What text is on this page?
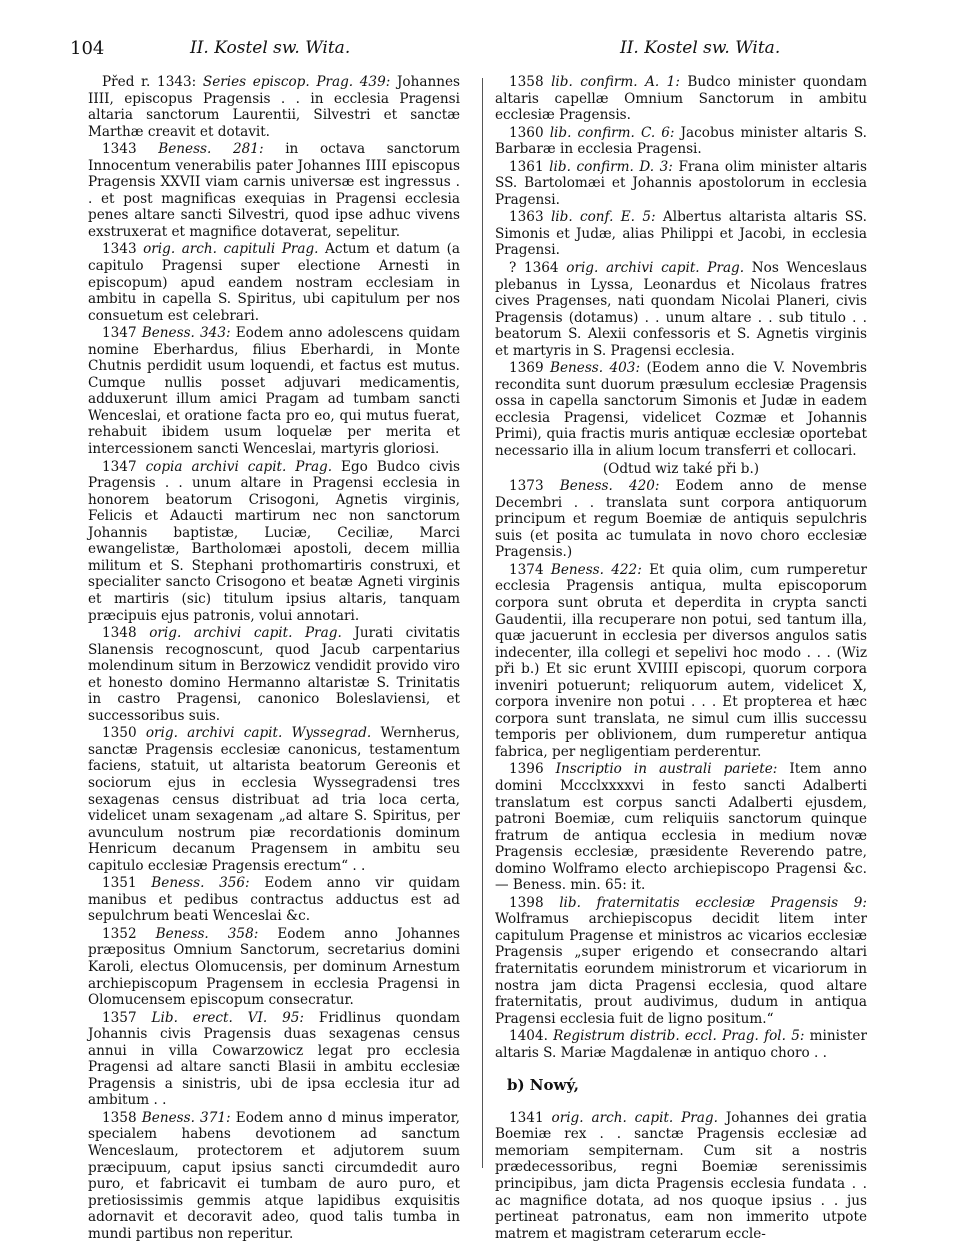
104	II. Kostel sw. Wita.	II. Kostel sw. Wita.

Před r. 1343: Series episcop. Prag. 439: Johannes IIII, episcopus Pragensis . . in ecclesia Pragensi altaria sanctorum Laurentii, Silvestri et sanctæ Marthæ creavit et dotavit.

1343 Beness. 281: in octava sanctorum Innocentum venerabilis pater Johannes IIII episcopus Pragensis XXVII viam carnis universæ est ingressus . . et post magnificas exequias in Pragensi ecclesia penes altare sancti Silvestri, quod ipse adhuc vivens exstruxerat et magnifice dotaverat, sepelitur.

1343 orig. arch. capituli Prag. Actum et datum (a capitulo Pragensi super electione Arnesti in episcopum) apud eandem nostram ecclesiam in ambitu in capella S. Spiritus, ubi capitulum per nos consuetum est celebrari.

1347 Beness. 343: Eodem anno adolescens quidam nomine Eberhardus, filius Eberhardi, in Monte Chutnis perdidit usum loquendi, et factus est mutus. Cumque nullis posset adjuvari medicamentis, adduxerunt illum amici Pragam ad tumbam sancti Wenceslai, et oratione facta pro eo, qui mutus fuerat, rehabuit ibidem usum loquelæ per merita et intercessionem sancti Wenceslai, martyris gloriosi.

1347 copia archivi capit. Prag. Ego Budco civis Pragensis . . unum altare in Pragensi ecclesia in honorem beatorum Crisogoni, Agnetis virginis, Felicis et Adaucti martirum nec non sanctorum Johannis baptistæ, Luciæ, Ceciliæ, Marci ewangelistæ, Bartholomæi apostoli, decem millia militum et S. Stephani prothomartiris construxi, et specialiter sancto Crisogono et beatæ Agneti virginis et martiris (sic) titulum ipsius altaris, tanquam præcipuis ejus patronis, volui annotari.

1348 orig. archivi capit. Prag. Jurati civitatis Slanensis recognoscunt, quod Jacub carpentarius molendinum situm in Berzowicz vendidit provido viro et honesto domino Hermanno altaristæ S. Trinitatis in castro Pragensi, canonico Boleslaviensi, et successoribus suis.

1350 orig. archivi capit. Wyssegrad. Wernherus, sanctæ Pragensis ecclesiæ canonicus, testamentum faciens, statuit, ut altarista beatorum Gereonis et sociorum ejus in ecclesia Wyssegradensi tres sexagenas census distribuat ad tria loca certa, videlicet unam sexagenam „ad altare S. Spiritus, per avunculum nostrum piæ recordationis dominum Henricum decanum Pragensem in ambitu seu capitulo ecclesiæ Pragensis erectum“ . .

1351 Beness. 356: Eodem anno vir quidam manibus et pedibus contractus adductus est ad sepulchrum beati Wenceslai &c.

1352 Beness. 358: Eodem anno Johannes præpositus Omnium Sanctorum, secretarius domini Karoli, electus Olomucensis, per dominum Arnestum archiepiscopum Pragensem in ecclesia Pragensi in Olomucensem episcopum consecratur.

1357 Lib. erect. VI. 95: Fridlinus quondam Johannis civis Pragensis duas sexagenas census annui in villa Cowarzowicz legat pro ecclesia Pragensi ad altare sancti Blasii in ambitu ecclesiæ Pragensis a sinistris, ubi de ipsa ecclesia itur ad ambitum . .

1358 Beness. 371: Eodem anno d minus imperator, specialem habens devotionem ad sanctum Wenceslaum, protectorem et adjutorem suum præcipuum, caput ipsius sancti circumdedit auro puro, et fabricavit ei tumbam de auro puro, et pretiosissimis gemmis atque lapidibus exquisitis adornavit et decoravit adeo, quod talis tumba in mundi partibus non reperitur.

1358 lib. confirm. A. 1: Budco minister quondam altaris capellæ Omnium Sanctorum in ambitu ecclesiæ Pragensis.

1360 lib. confirm. C. 6: Jacobus minister altaris S. Barbaræ in ecclesia Pragensi.

1361 lib. confirm. D. 3: Frana olim minister altaris SS. Bartolomæi et Johannis apostolorum in ecclesia Pragensi.

1363 lib. conf. E. 5: Albertus altarista altaris SS. Simonis et Judæ, alias Philippi et Jacobi, in ecclesia Pragensi.

? 1364 orig. archivi capit. Prag. Nos Wenceslaus plebanus in Lyssa, Leonardus et Nicolaus fratres cives Pragenses, nati quondam Nicolai Planeri, civis Pragensis (dotamus) . . unum altare . . sub titulo . . beatorum S. Alexii confessoris et S. Agnetis virginis et martyris in S. Pragensi ecclesia.

1369 Beness. 403: (Eodem anno die V. Novembris recondita sunt duorum præsulum ecclesiæ Pragensis ossa in capella sanctorum Simonis et Judæ in eadem ecclesia Pragensi, videlicet Cozmæ et Johannis Primi), quia fractis muris antiquæ ecclesiæ oportebat necessario illa in alium locum transferri et collocari.

(Odtud wiz také při b.)

1373 Beness. 420: Eodem anno de mense Decembri . . translata sunt corpora antiquorum principum et regum Boemiæ de antiquis sepulchris suis (et posita ac tumulata in novo choro ecclesiæ Pragensis.)

1374 Beness. 422: Et quia olim, cum rumperetur ecclesia Pragensis antiqua, multa episcoporum corpora sunt obruta et deperdita in crypta sancti Gaudentii, illa recuperare non potui, sed tantum illa, quæ jacuerunt in ecclesia per diversos angulos satis indecenter, illa collegi et sepelivi hoc modo . . . (Wiz při b.) Et sic erunt XVIIII episcopi, quorum corpora inveniri potuerunt; reliquorum autem, videlicet X, corpora invenire non potui . . . Et propterea et hæc corpora sunt translata, ne simul cum illis successu temporis per oblivionem, dum rumperetur antiqua fabrica, per negligentiam perderentur.

1396 Inscriptio in australi pariete: Item anno domini Mccclxxxxvi in festo sancti Adalberti translatum est corpus sancti Adalberti ejusdem, patroni Boemiæ, cum reliquiis sanctorum quinque fratrum de antiqua ecclesia in medium novæ Pragensis ecclesiæ, præsidente Reverendo patre, domino Wolframo electo archiepiscopo Pragensi &c. — Beness. min. 65: it.

1398 lib. fraternitatis ecclesiæ Pragensis 9: Wolframus archiepiscopus decidit litem inter capitulum Pragense et ministros ac vicarios ecclesiæ Pragensis „super erigendo et consecrando altari fraternitatis eorundem ministrorum et vicariorum in nostra jam dicta Pragensi ecclesia, quod altare fraternitatis, prout audivimus, dudum in antiqua Pragensi ecclesia fuit de ligno positum.“

1404. Registrum distrib. eccl. Prag. fol. 5: minister altaris S. Mariæ Magdalenæ in antiquo choro . .

b) Nowý,

1341 orig. arch. capit. Prag. Johannes dei gratia Boemiæ rex . . sanctæ Pragensis ecclesiæ ad memoriam sempiternam. Cum sit a nostris prædecessoribus, regni Boemiæ serenissimis principibus, jam dicta Pragensis ecclesia fundata . . ac magnifice dotata, ad nos quoque ipsius . . jus pertineat patronatus, eam non immerito utpote matrem et magistram ceterarum eccle-
